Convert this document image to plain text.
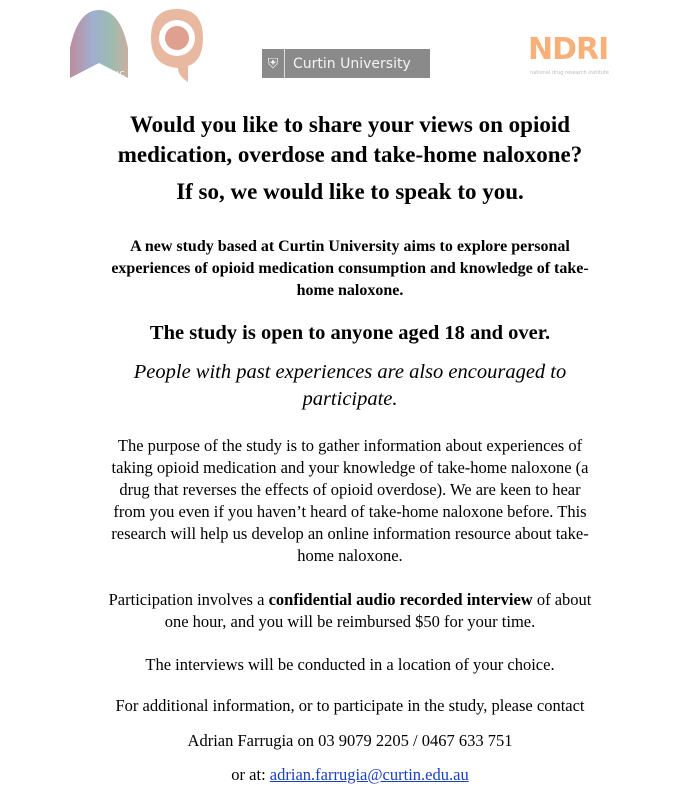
SSAC
⛨	Curtin University	NDRI
national drug research institute
Would you like to share your views on opioid
medication, overdose and take-home naloxone?
If so, we would like to speak to you.
A new study based at Curtin University aims to explore personal
experiences of opioid medication consumption and knowledge of take-
home naloxone.
The study is open to anyone aged 18 and over.
People with past experiences are also encouraged to
participate.
The purpose of the study is to gather information about experiences of
taking opioid medication and your knowledge of take-home naloxone (a
drug that reverses the effects of opioid overdose). We are keen to hear
from you even if you haven’t heard of take-home naloxone before. This
research will help us develop an online information resource about take-
home naloxone.
Participation involves a confidential audio recorded interview of about
one hour, and you will be reimbursed $50 for your time.
The interviews will be conducted in a location of your choice.
For additional information, or to participate in the study, please contact
Adrian Farrugia on 03 9079 2205 / 0467 633 751
or at: adrian.farrugia@curtin.edu.au
